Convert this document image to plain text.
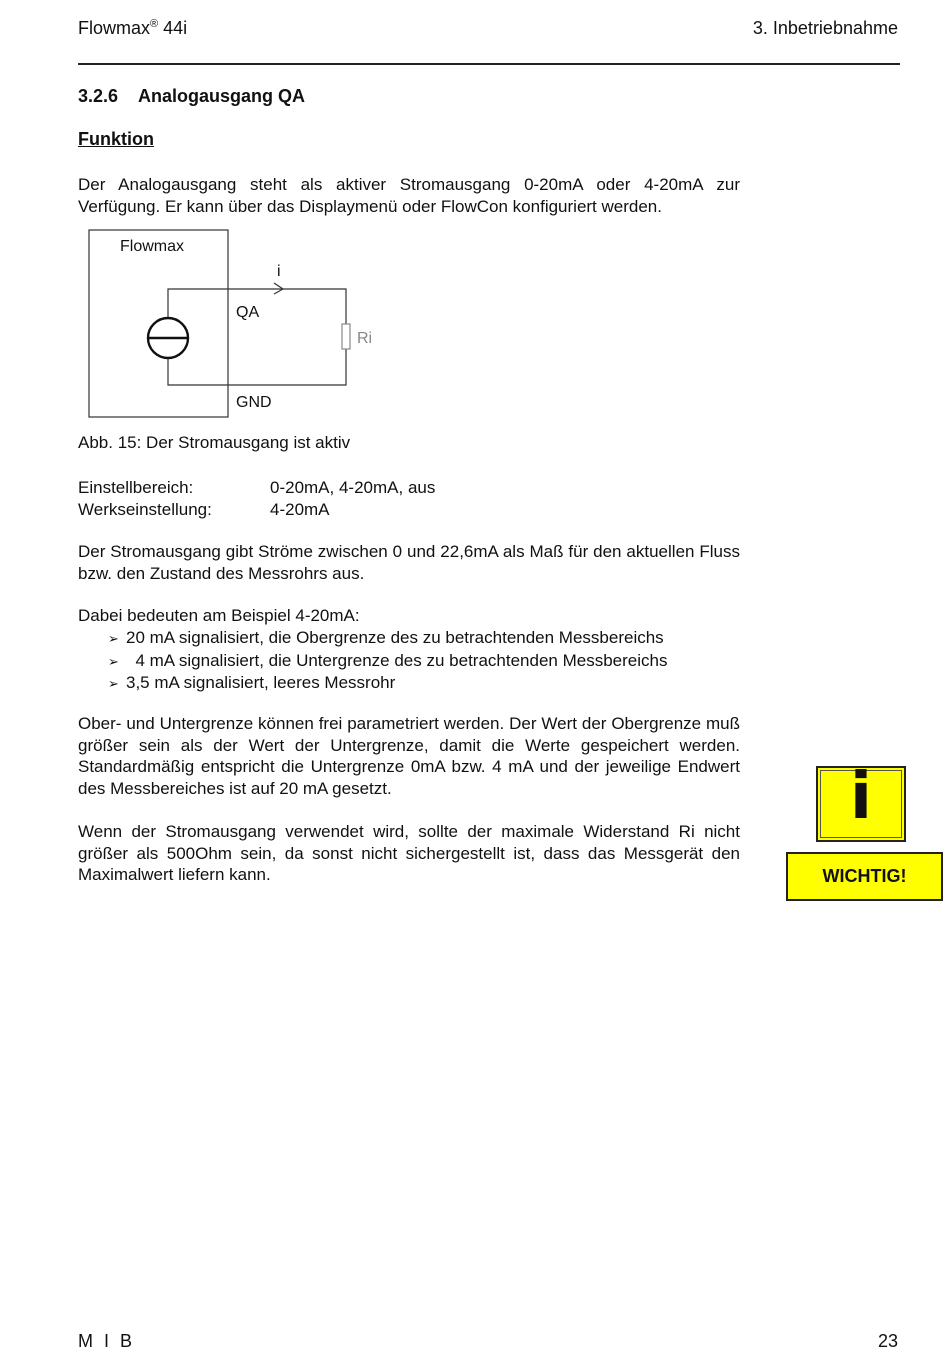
Flowmax® 44i	3. Inbetriebnahme
3.2.6 Analogausgang QA
Funktion
Der Analogausgang steht als aktiver Stromausgang 0-20mA oder 4-20mA zur Verfügung. Er kann über das Displaymenü oder FlowCon konfiguriert werden.
Flowmax
i
QA
Ri
GND
Abb. 15: Der Stromausgang ist aktiv
Einstellbereich:	0-20mA, 4-20mA, aus
Werkseinstellung:	4-20mA
Der Stromausgang gibt Ströme zwischen 0 und 22,6mA als Maß für den aktuellen Fluss bzw. den Zustand des Messrohrs aus.
Dabei bedeuten am Beispiel 4-20mA:
➢ 20 mA signalisiert, die Obergrenze des zu betrachtenden Messbereichs
➢ 4 mA signalisiert, die Untergrenze des zu betrachtenden Messbereichs
➢ 3,5 mA signalisiert, leeres Messrohr
Ober- und Untergrenze können frei parametriert werden. Der Wert der Obergrenze muß größer sein als der Wert der Untergrenze, damit die Werte gespeichert werden. Standardmäßig entspricht die Untergrenze 0mA bzw. 4 mA und der jeweilige Endwert des Messbereiches ist auf 20 mA gesetzt.
Wenn der Stromausgang verwendet wird, sollte der maximale Widerstand Ri nicht größer als 500Ohm sein, da sonst nicht sichergestellt ist, dass das Messgerät den Maximalwert liefern kann.
i
WICHTIG!
M I B	23
